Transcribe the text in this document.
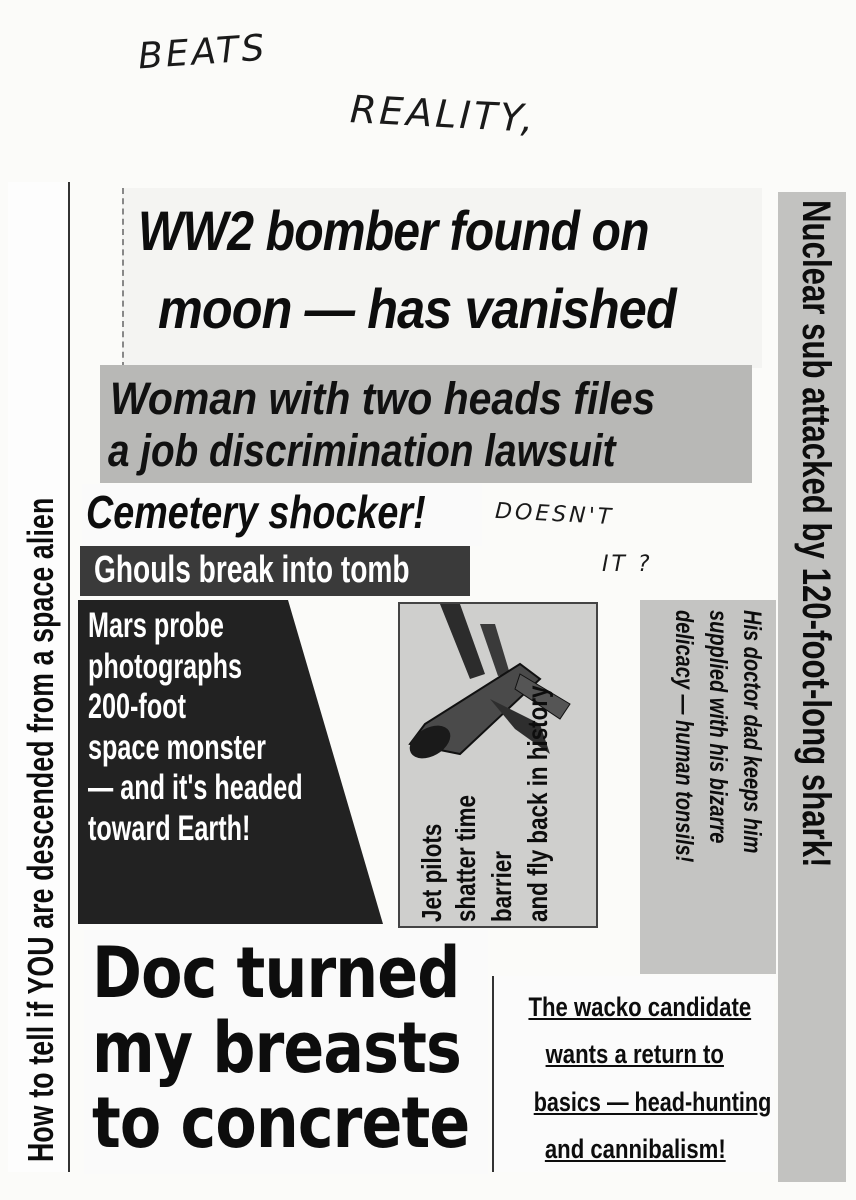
BEATS
REALITY,
DOESN'T
IT ?
How to tell if YOU are descended from a space alien
WW2 bomber found on
moon — has vanished
Woman with two heads files
a job discrimination lawsuit
Cemetery shocker!
Ghouls break into tomb
Mars probe
photographs
200-foot
space monster
— and it's headed
toward Earth!	Jet pilots shatter time barrier and fly back in history	His doctor dad keeps him
supplied with his bizarre
delicacy — human tonsils! Nuclear sub attacked by 120-foot-long shark!
Doc turned
my breasts
to concrete
The wacko candidate
wants a return to
basics — head-hunting
and cannibalism!
